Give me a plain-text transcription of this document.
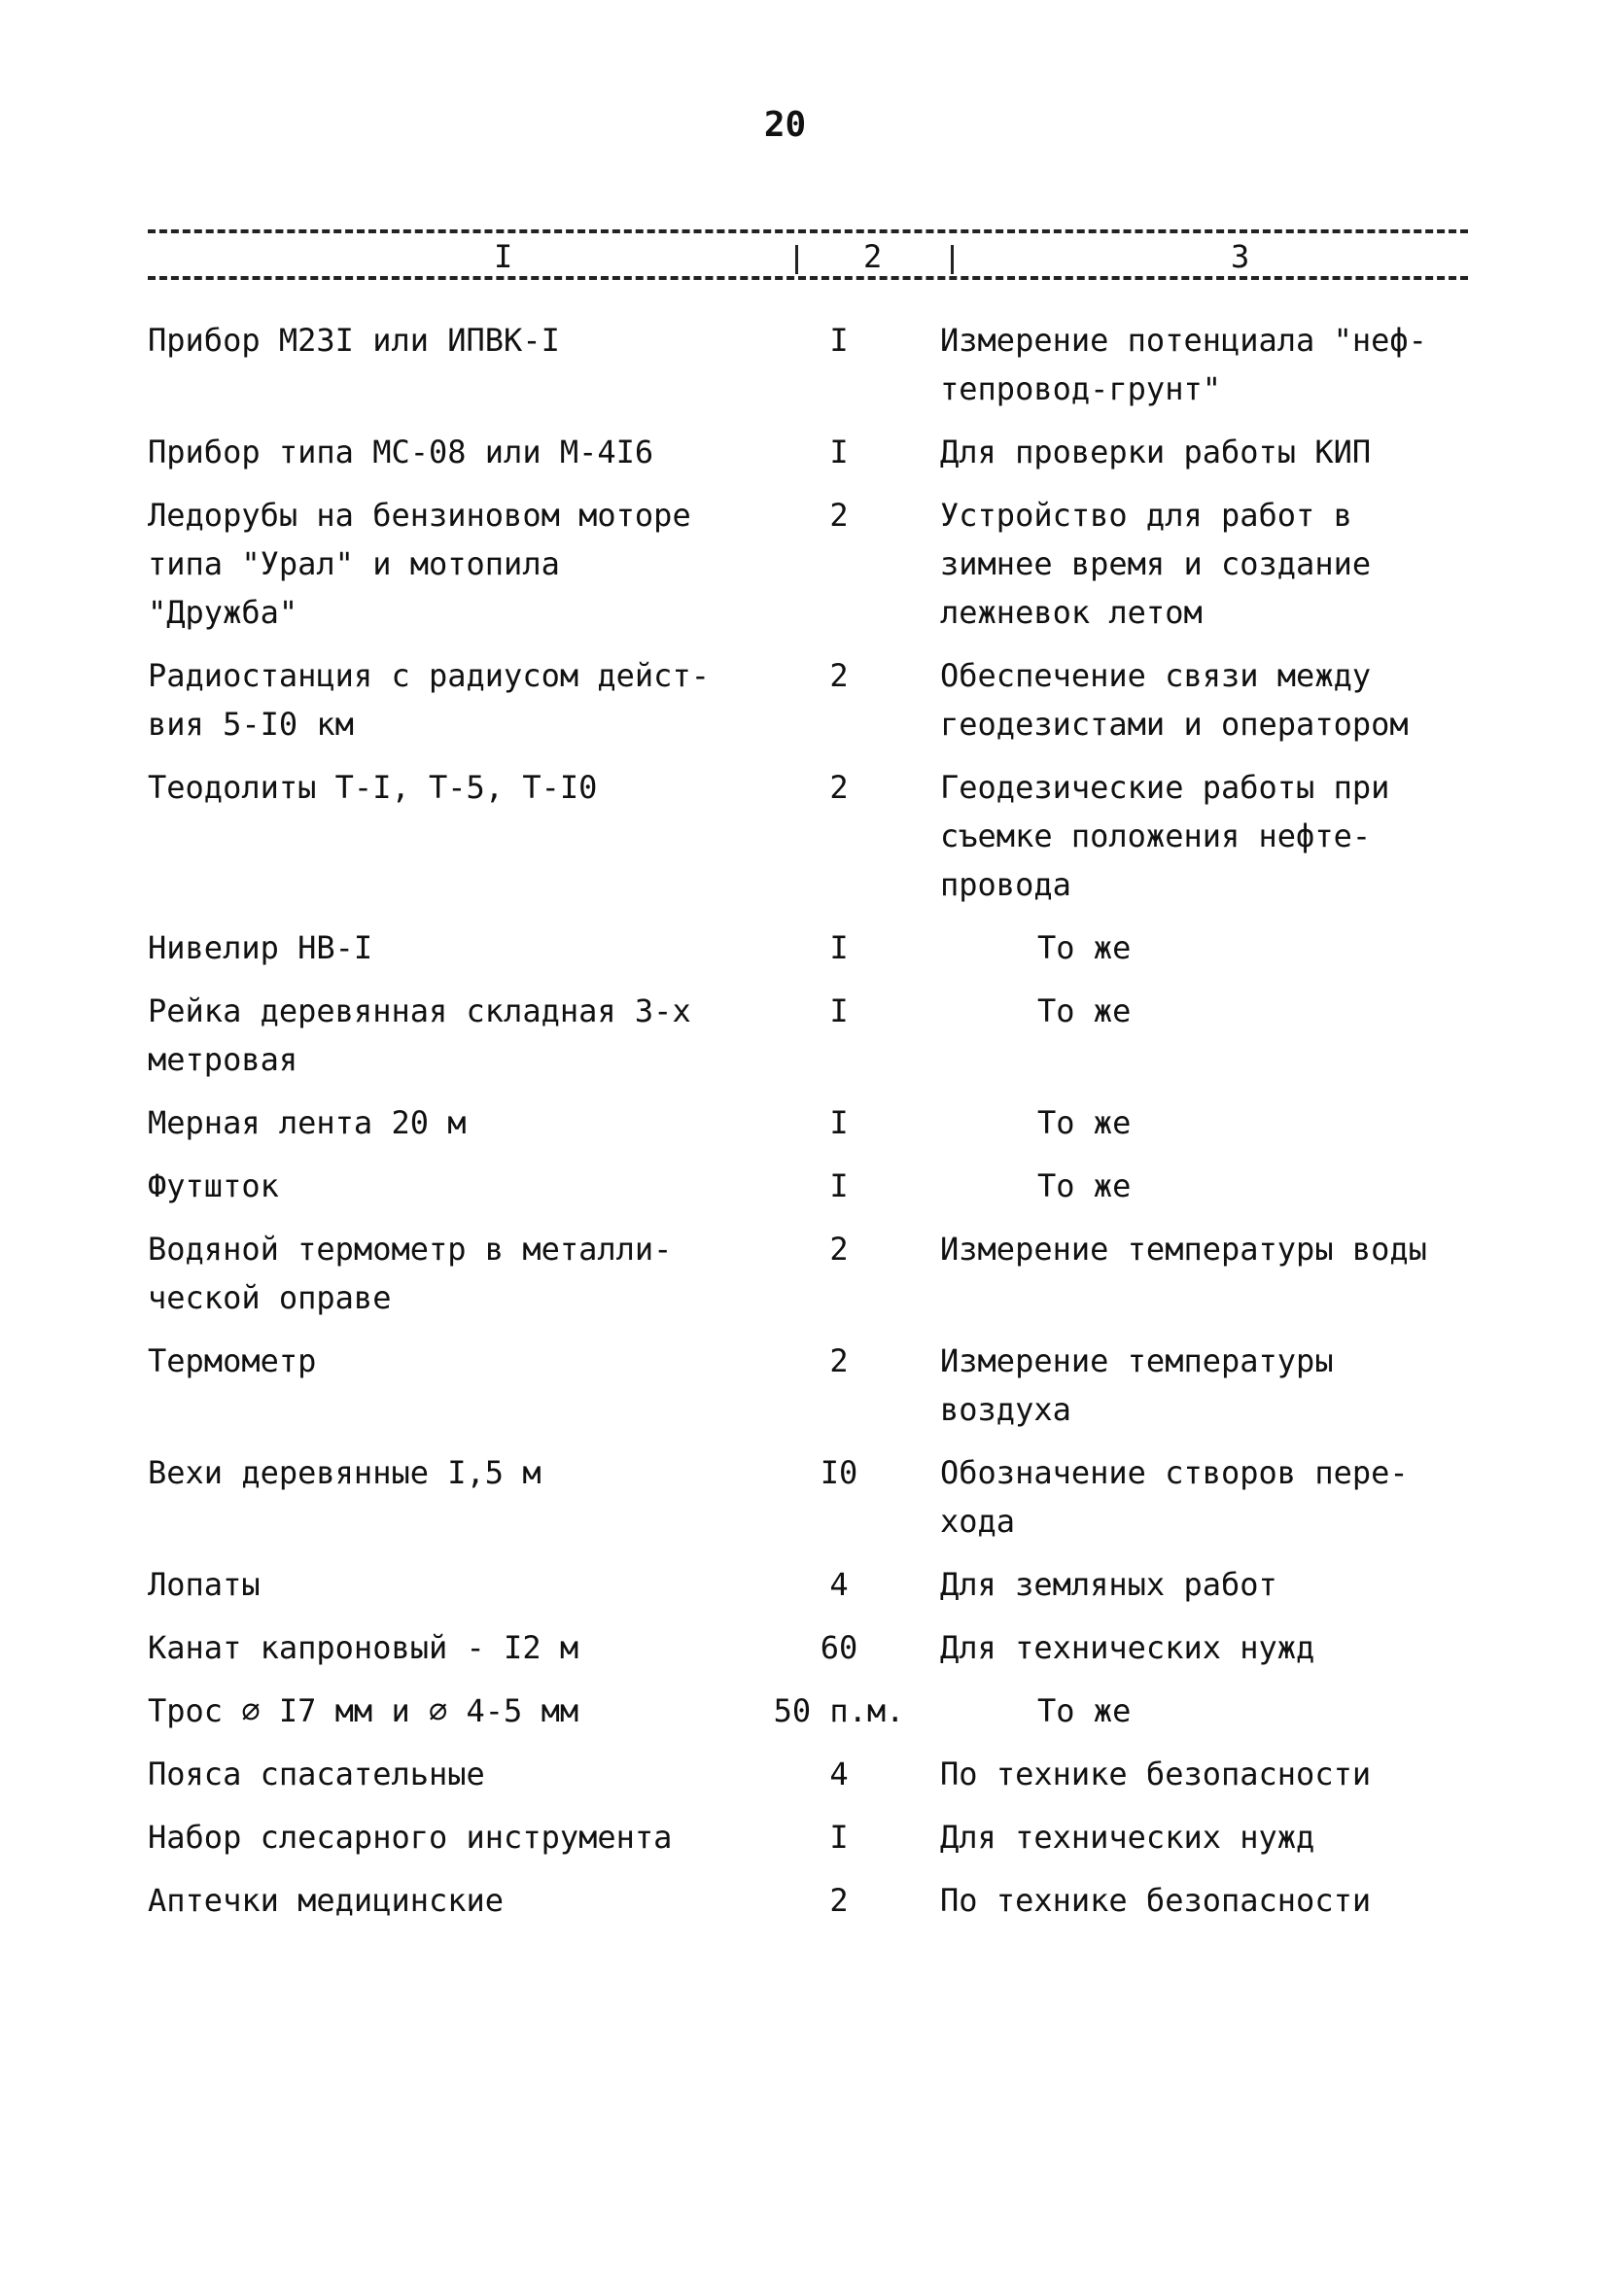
20
I	2	3
Прибор М23I или ИПВК-I	I	Измерение потенциала "неф-
тепровод-грунт"
Прибор типа МС-08 или М-4I6	I	Для проверки работы КИП
Ледорубы на бензиновом моторе
типа "Урал" и мотопила
"Дружба"
2	Устройство для работ в
зимнее время и создание
лежневок летом
Радиостанция с радиусом дейст-
вия 5-I0 км
2	Обеспечение связи между
геодезистами и оператором
Теодолиты Т-I, Т-5, Т-I0	2	Геодезические работы при
съемке положения нефте-
провода
Нивелир НВ-I	I	То же
Рейка деревянная складная 3-х
метровая
I	То же
Мерная лента 20 м	I	То же
Футшток	I	То же
Водяной термометр в металли-
ческой оправе
2	Измерение температуры воды
Термометр	2	Измерение температуры
воздуха
Вехи деревянные I,5 м	I0	Обозначение створов пере-
хода
Лопаты	4	Для земляных работ
Канат капроновый - I2 м	60	Для технических нужд
Трос ∅ I7 мм и ∅ 4-5 мм	50 п.м.	То же
Пояса спасательные	4	По технике безопасности
Набор слесарного инструмента	I	Для технических нужд
Аптечки медицинские	2	По технике безопасности
